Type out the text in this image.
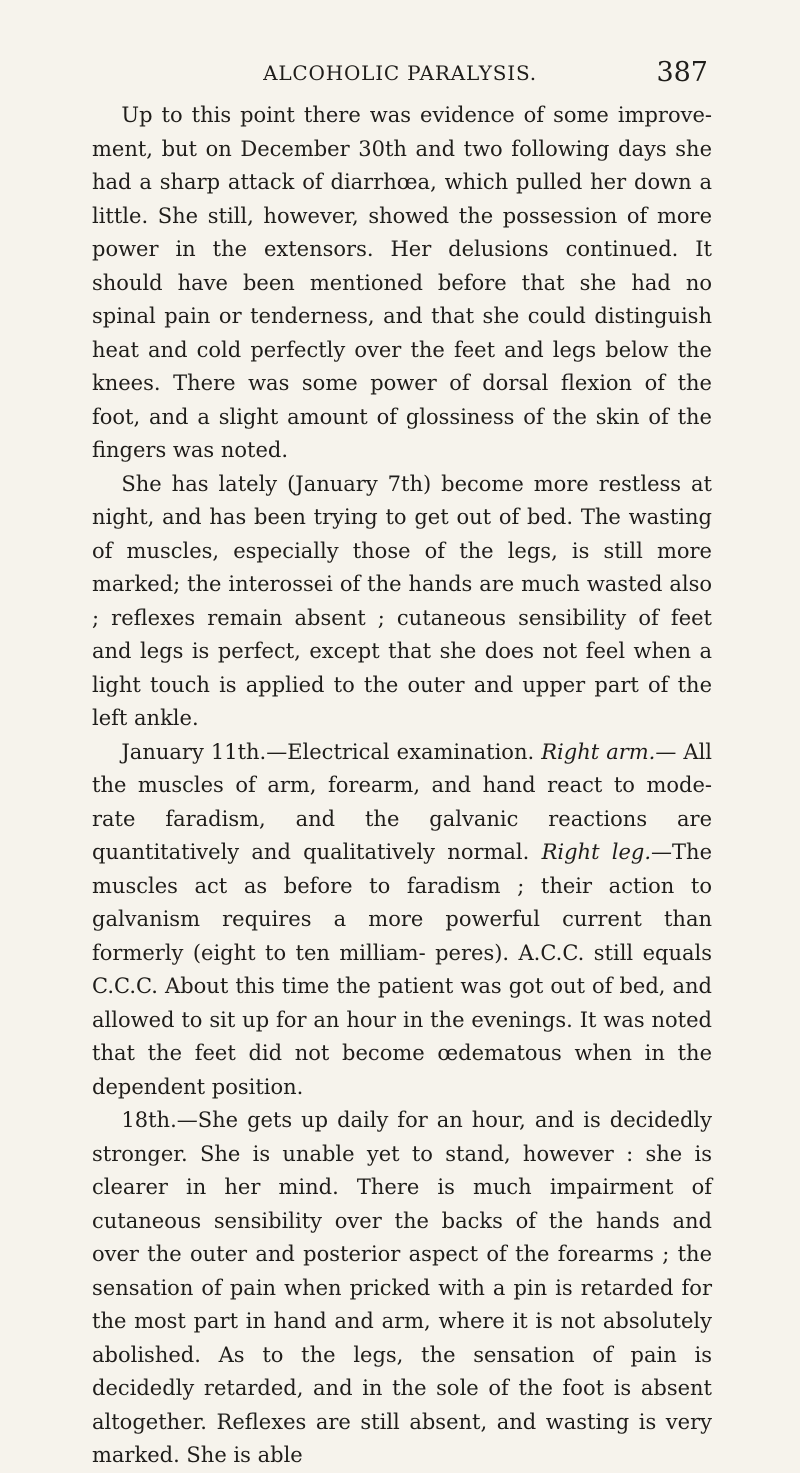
ALCOHOLIC PARALYSIS.	387

Up to this point there was evidence of some improve- ment, but on December 30th and two following days she had a sharp attack of diarrhœa, which pulled her down a little. She still, however, showed the possession of more power in the extensors. Her delusions continued. It should have been mentioned before that she had no spinal pain or tenderness, and that she could distinguish heat and cold perfectly over the feet and legs below the knees. There was some power of dorsal flexion of the foot, and a slight amount of glossiness of the skin of the fingers was noted.

She has lately (January 7th) become more restless at night, and has been trying to get out of bed. The wasting of muscles, especially those of the legs, is still more marked; the interossei of the hands are much wasted also ; reflexes remain absent ; cutaneous sensibility of feet and legs is perfect, except that she does not feel when a light touch is applied to the outer and upper part of the left ankle.

January 11th.—Electrical examination. Right arm.— All the muscles of arm, forearm, and hand react to mode- rate faradism, and the galvanic reactions are quantitatively and qualitatively normal. Right leg.—The muscles act as before to faradism ; their action to galvanism requires a more powerful current than formerly (eight to ten milliam- peres). A.C.C. still equals C.C.C. About this time the patient was got out of bed, and allowed to sit up for an hour in the evenings. It was noted that the feet did not become œdematous when in the dependent position.

18th.—She gets up daily for an hour, and is decidedly stronger. She is unable yet to stand, however : she is clearer in her mind. There is much impairment of cutaneous sensibility over the backs of the hands and over the outer and posterior aspect of the forearms ; the sensation of pain when pricked with a pin is retarded for the most part in hand and arm, where it is not absolutely abolished. As to the legs, the sensation of pain is decidedly retarded, and in the sole of the foot is absent altogether. Reflexes are still absent, and wasting is very marked. She is able
